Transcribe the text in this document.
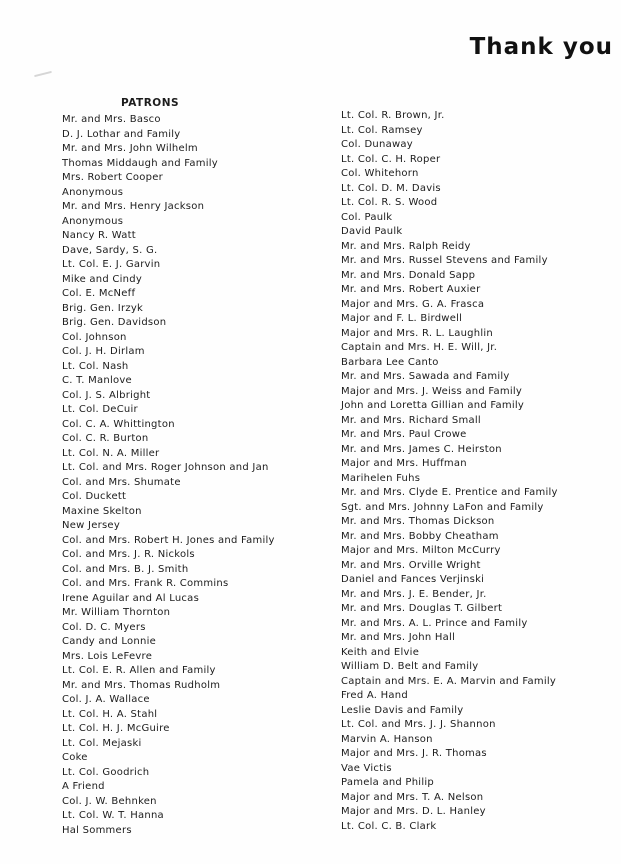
Thank you
PATRONS
Mr. and Mrs. Basco
D. J. Lothar and Family
Mr. and Mrs. John Wilhelm
Thomas Middaugh and Family
Mrs. Robert Cooper
Anonymous
Mr. and Mrs. Henry Jackson
Anonymous
Nancy R. Watt
Dave, Sardy, S. G.
Lt. Col. E. J. Garvin
Mike and Cindy
Col. E. McNeff
Brig. Gen. Irzyk
Brig. Gen. Davidson
Col. Johnson
Col. J. H. Dirlam
Lt. Col. Nash
C. T. Manlove
Col. J. S. Albright
Lt. Col. DeCuir
Col. C. A. Whittington
Col. C. R. Burton
Lt. Col. N. A. Miller
Lt. Col. and Mrs. Roger Johnson and Jan
Col. and Mrs. Shumate
Col. Duckett
Maxine Skelton
New Jersey
Col. and Mrs. Robert H. Jones and Family
Col. and Mrs. J. R. Nickols
Col. and Mrs. B. J. Smith
Col. and Mrs. Frank R. Commins
Irene Aguilar and Al Lucas
Mr. William Thornton
Col. D. C. Myers
Candy and Lonnie
Mrs. Lois LeFevre
Lt. Col. E. R. Allen and Family
Mr. and Mrs. Thomas Rudholm
Col. J. A. Wallace
Lt. Col. H. A. Stahl
Lt. Col. H. J. McGuire
Lt. Col. Mejaski
Coke
Lt. Col. Goodrich
A Friend
Col. J. W. Behnken
Lt. Col. W. T. Hanna
Hal Sommers
Lt. Col. R. Brown, Jr.
Lt. Col. Ramsey
Col. Dunaway
Lt. Col. C. H. Roper
Col. Whitehorn
Lt. Col. D. M. Davis
Lt. Col. R. S. Wood
Col. Paulk
David Paulk
Mr. and Mrs. Ralph Reidy
Mr. and Mrs. Russel Stevens and Family
Mr. and Mrs. Donald Sapp
Mr. and Mrs. Robert Auxier
Major and Mrs. G. A. Frasca
Major and F. L. Birdwell
Major and Mrs. R. L. Laughlin
Captain and Mrs. H. E. Will, Jr.
Barbara Lee Canto
Mr. and Mrs. Sawada and Family
Major and Mrs. J. Weiss and Family
John and Loretta Gillian and Family
Mr. and Mrs. Richard Small
Mr. and Mrs. Paul Crowe
Mr. and Mrs. James C. Heirston
Major and Mrs. Huffman
Marihelen Fuhs
Mr. and Mrs. Clyde E. Prentice and Family
Sgt. and Mrs. Johnny LaFon and Family
Mr. and Mrs. Thomas Dickson
Mr. and Mrs. Bobby Cheatham
Major and Mrs. Milton McCurry
Mr. and Mrs. Orville Wright
Daniel and Fances Verjinski
Mr. and Mrs. J. E. Bender, Jr.
Mr. and Mrs. Douglas T. Gilbert
Mr. and Mrs. A. L. Prince and Family
Mr. and Mrs. John Hall
Keith and Elvie
William D. Belt and Family
Captain and Mrs. E. A. Marvin and Family
Fred A. Hand
Leslie Davis and Family
Lt. Col. and Mrs. J. J. Shannon
Marvin A. Hanson
Major and Mrs. J. R. Thomas
Vae Victis
Pamela and Philip
Major and Mrs. T. A. Nelson
Major and Mrs. D. L. Hanley
Lt. Col. C. B. Clark
